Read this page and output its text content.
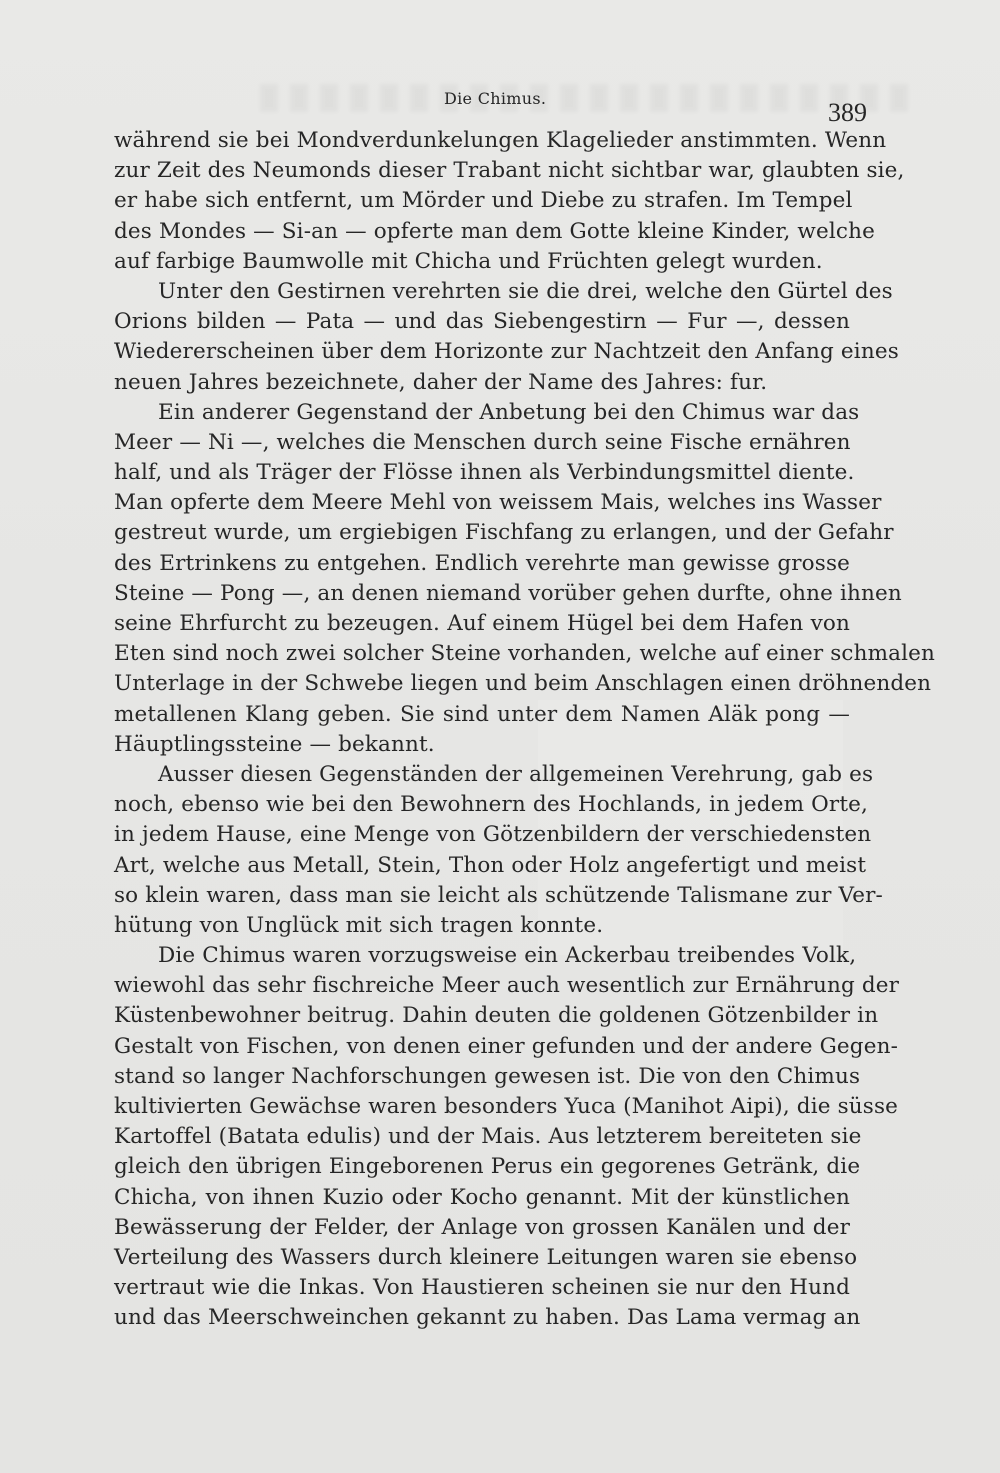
Die Chimus.	389
während sie bei Mondverdunkelungen Klagelieder anstimmten. Wenn
zur Zeit des Neumonds dieser Trabant nicht sichtbar war, glaubten sie,
er habe sich entfernt, um Mörder und Diebe zu strafen. Im Tempel
des Mondes — Si-an — opferte man dem Gotte kleine Kinder, welche
auf farbige Baumwolle mit Chicha und Früchten gelegt wurden.
Unter den Gestirnen verehrten sie die drei, welche den Gürtel des
Orions bilden — Pata — und das Siebengestirn — Fur —, dessen
Wiedererscheinen über dem Horizonte zur Nachtzeit den Anfang eines
neuen Jahres bezeichnete, daher der Name des Jahres: fur.
Ein anderer Gegenstand der Anbetung bei den Chimus war das
Meer — Ni —, welches die Menschen durch seine Fische ernähren
half, und als Träger der Flösse ihnen als Verbindungsmittel diente.
Man opferte dem Meere Mehl von weissem Mais, welches ins Wasser
gestreut wurde, um ergiebigen Fischfang zu erlangen, und der Gefahr
des Ertrinkens zu entgehen. Endlich verehrte man gewisse grosse
Steine — Pong —, an denen niemand vorüber gehen durfte, ohne ihnen
seine Ehrfurcht zu bezeugen. Auf einem Hügel bei dem Hafen von
Eten sind noch zwei solcher Steine vorhanden, welche auf einer schmalen
Unterlage in der Schwebe liegen und beim Anschlagen einen dröhnenden
metallenen Klang geben. Sie sind unter dem Namen Aläk pong —
Häuptlingssteine — bekannt.
Ausser diesen Gegenständen der allgemeinen Verehrung, gab es
noch, ebenso wie bei den Bewohnern des Hochlands, in jedem Orte,
in jedem Hause, eine Menge von Götzenbildern der verschiedensten
Art, welche aus Metall, Stein, Thon oder Holz angefertigt und meist
so klein waren, dass man sie leicht als schützende Talismane zur Ver-
hütung von Unglück mit sich tragen konnte.
Die Chimus waren vorzugsweise ein Ackerbau treibendes Volk,
wiewohl das sehr fischreiche Meer auch wesentlich zur Ernährung der
Küstenbewohner beitrug. Dahin deuten die goldenen Götzenbilder in
Gestalt von Fischen, von denen einer gefunden und der andere Gegen-
stand so langer Nachforschungen gewesen ist. Die von den Chimus
kultivierten Gewächse waren besonders Yuca (Manihot Aipi), die süsse
Kartoffel (Batata edulis) und der Mais. Aus letzterem bereiteten sie
gleich den übrigen Eingeborenen Perus ein gegorenes Getränk, die
Chicha, von ihnen Kuzio oder Kocho genannt. Mit der künstlichen
Bewässerung der Felder, der Anlage von grossen Kanälen und der
Verteilung des Wassers durch kleinere Leitungen waren sie ebenso
vertraut wie die Inkas. Von Haustieren scheinen sie nur den Hund
und das Meerschweinchen gekannt zu haben. Das Lama vermag an
